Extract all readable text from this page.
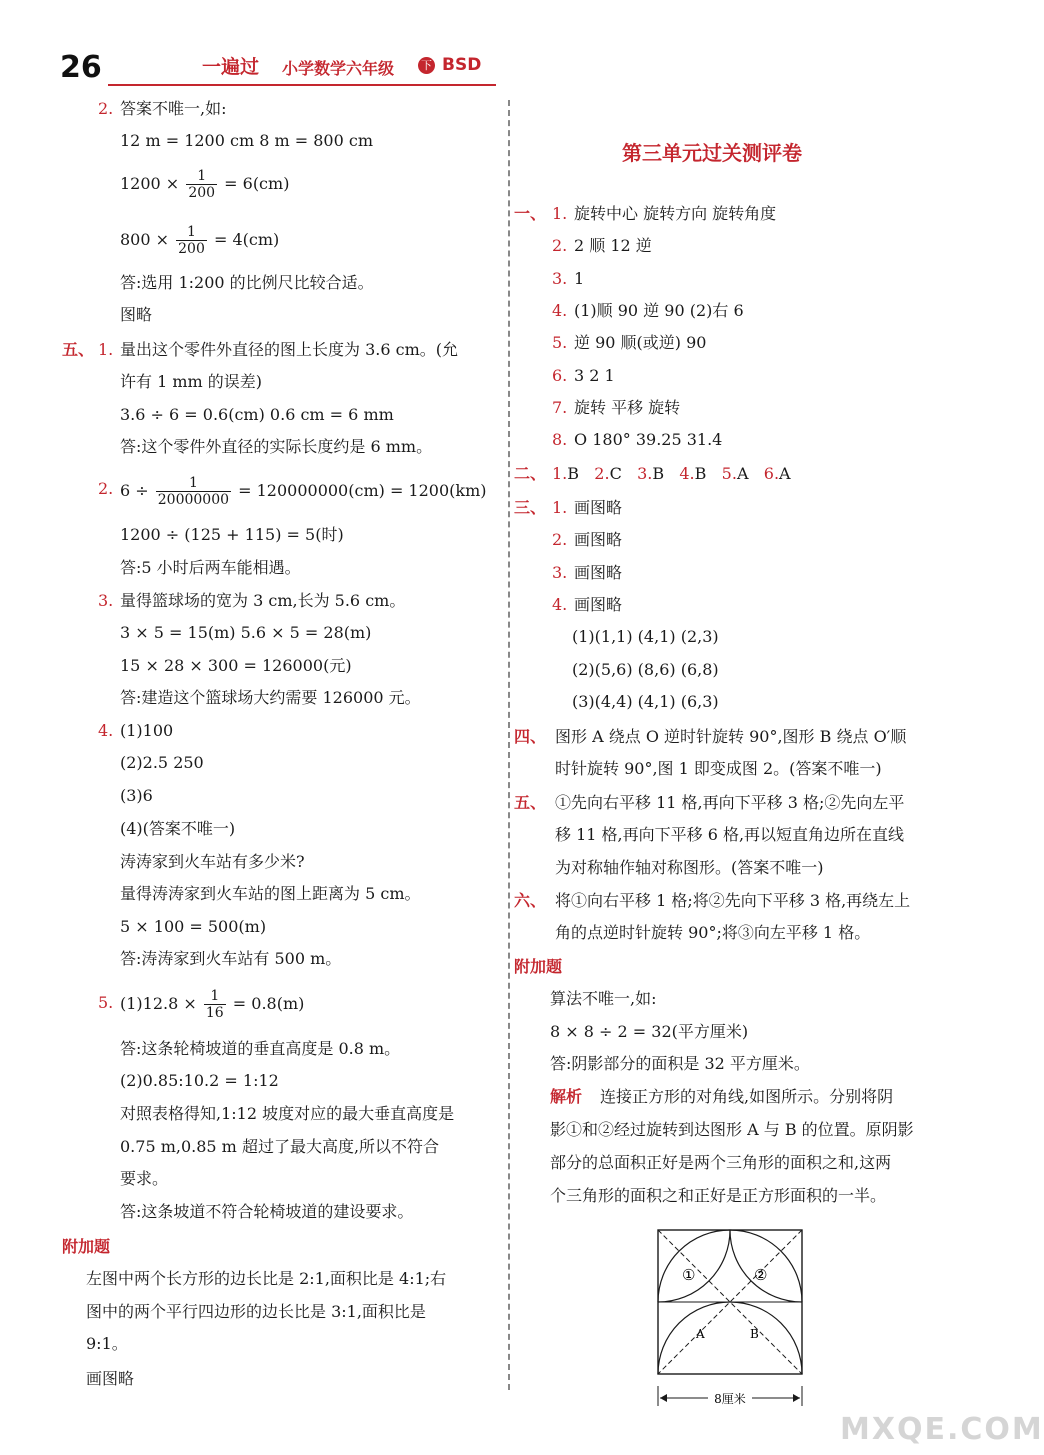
26	一遍过 小学数学六年级 下 BSD
2. 答案不唯一,如:
12 m = 1200 cm 8 m = 800 cm
$1200 \times \frac{1}{200} = 6(cm)$
$800 \times \frac{1}{200} = 4(cm)$
答:选用 1:200 的比例尺比较合适。
图略
五、 1. 量出这个零件外直径的图上长度为 3.6 cm。(允
许有 1 mm 的误差)
3.6 ÷ 6 = 0.6(cm) 0.6 cm = 6 mm
答:这个零件外直径的实际长度约是 6 mm。
2. $6 \div \frac{1}{20000000} = 120000000(cm) = 1200(km)$
1200 ÷ (125 + 115) = 5(时)
答:5 小时后两车能相遇。
3. 量得篮球场的宽为 3 cm,长为 5.6 cm。
3 × 5 = 15(m) 5.6 × 5 = 28(m)
15 × 28 × 300 = 126000(元)
答:建造这个篮球场大约需要 126000 元。
4. (1)100
(2)2.5 250
(3)6
(4)(答案不唯一)
涛涛家到火车站有多少米?
量得涛涛家到火车站的图上距离为 5 cm。
5 × 100 = 500(m)
答:涛涛家到火车站有 500 m。
5. $(1)12.8 \times \frac{1}{16} = 0.8(m)$
答:这条轮椅坡道的垂直高度是 0.8 m。
(2)0.85:10.2 = 1:12
对照表格得知,1:12 坡度对应的最大垂直高度是
0.75 m,0.85 m 超过了最大高度,所以不符合
要求。
答:这条坡道不符合轮椅坡道的建设要求。
附加题
左图中两个长方形的边长比是 2:1,面积比是 4:1;右
图中的两个平行四边形的边长比是 3:1,面积比是
9:1。
画图略
第三单元过关测评卷
一、 1. 旋转中心 旋转方向 旋转角度
2. 2 顺 12 逆
3. 1
4. (1)顺 90 逆 90 (2)右 6
5. 逆 90 顺(或逆) 90
6. 3 2 1
7. 旋转 平移 旋转
8. O 180° 39.25 31.4
二、 1.B 2.C 3.B 4.B 5.A 6.A
三、 1. 画图略
2. 画图略
3. 画图略
4. 画图略
(1)(1,1) (4,1) (2,3)
(2)(5,6) (8,6) (6,8)
(3)(4,4) (4,1) (6,3)
四、 图形 A 绕点 O 逆时针旋转 90°,图形 B 绕点 O′顺
时针旋转 90°,图 1 即变成图 2。(答案不唯一)
五、 ①先向右平移 11 格,再向下平移 3 格;②先向左平
移 11 格,再向下平移 6 格,再以短直角边所在直线
为对称轴作轴对称图形。(答案不唯一)
六、 将①向右平移 1 格;将②先向下平移 3 格,再绕左上
角的点逆时针旋转 90°;将③向左平移 1 格。
附加题
算法不唯一,如:
8 × 8 ÷ 2 = 32(平方厘米)
答:阴影部分的面积是 32 平方厘米。
解析 连接正方形的对角线,如图所示。分别将阴
影①和②经过旋转到达图形 A 与 B 的位置。原阴影
部分的总面积正好是两个三角形的面积之和,这两
个三角形的面积之和正好是正方形面积的一半。
①	②
A	B
8厘米
MXQE.COM
